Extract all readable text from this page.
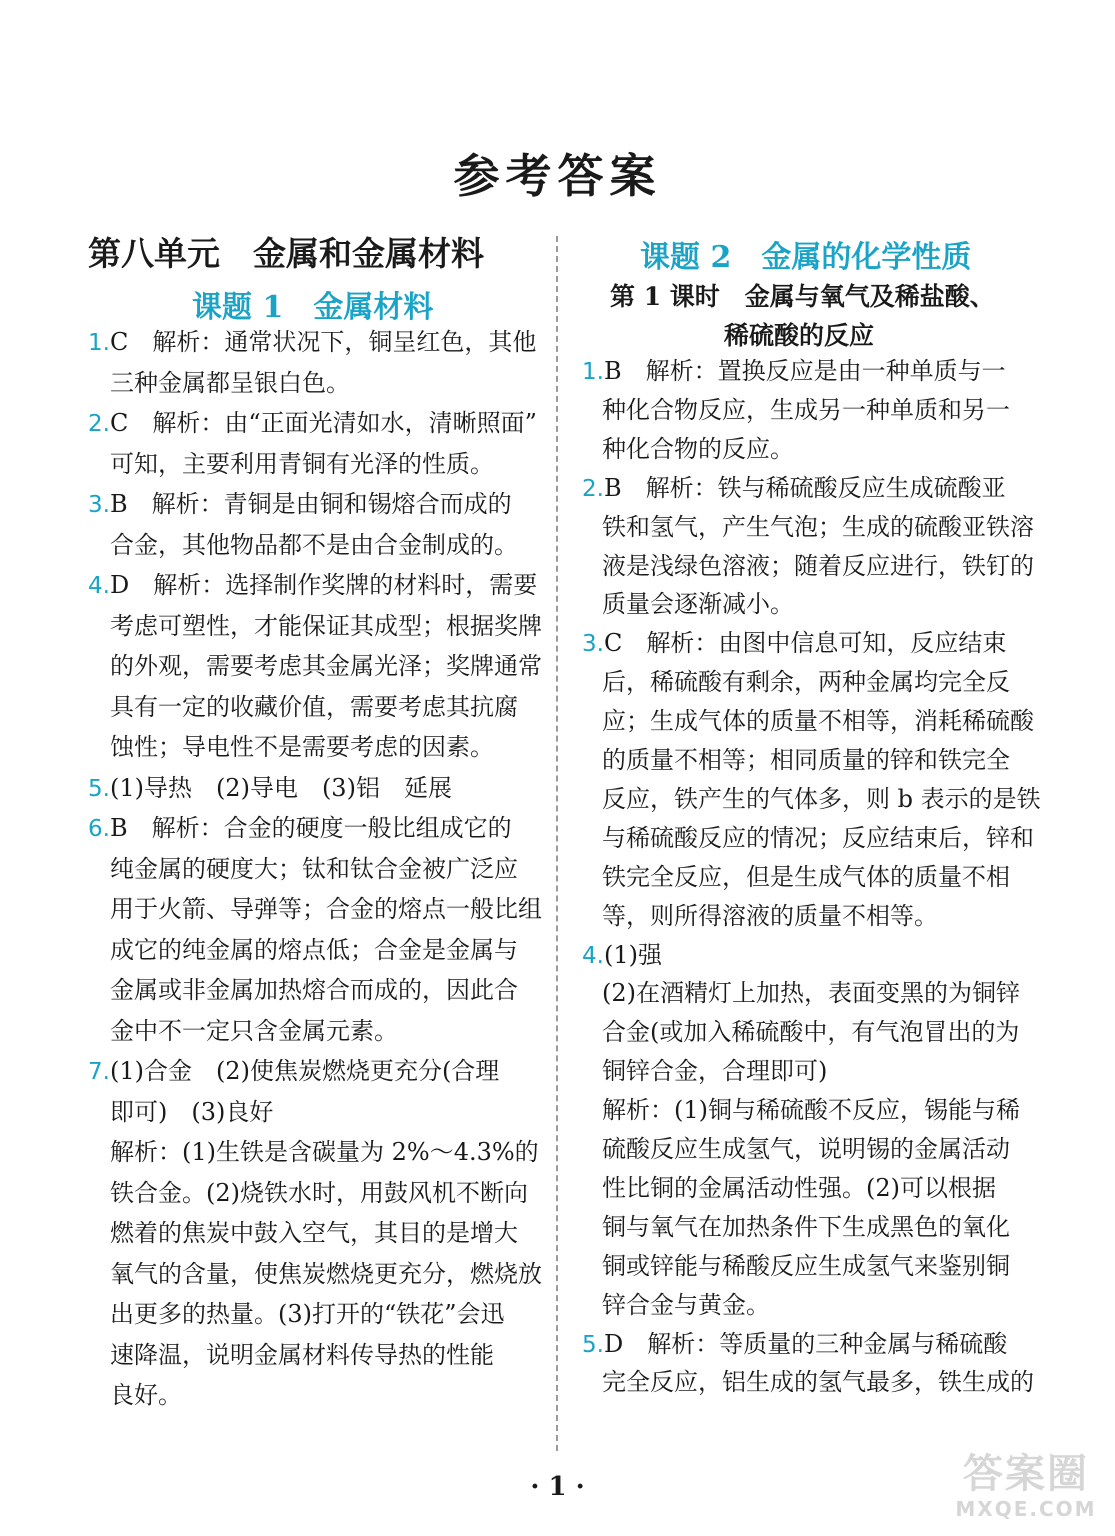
参考答案
第八单元　金属和金属材料
课题 1　金属材料
课题 2　金属的化学性质
第 1 课时　金属与氧气及稀盐酸、
稀硫酸的反应
1.C　解析：通常状况下，铜呈红色，其他
三种金属都呈银白色。
2.C　解析：由“正面光清如水，清晰照面”
可知，主要利用青铜有光泽的性质。
3.B　解析：青铜是由铜和锡熔合而成的
合金，其他物品都不是由合金制成的。
4.D　解析：选择制作奖牌的材料时，需要
考虑可塑性，才能保证其成型；根据奖牌
的外观，需要考虑其金属光泽；奖牌通常
具有一定的收藏价值，需要考虑其抗腐
蚀性；导电性不是需要考虑的因素。
5.(1)导热　(2)导电　(3)铝　延展
6.B　解析：合金的硬度一般比组成它的
纯金属的硬度大；钛和钛合金被广泛应
用于火箭、导弹等；合金的熔点一般比组
成它的纯金属的熔点低；合金是金属与
金属或非金属加热熔合而成的，因此合
金中不一定只含金属元素。
7.(1)合金　(2)使焦炭燃烧更充分(合理
即可)　(3)良好
解析：(1)生铁是含碳量为 2%～4.3%的
铁合金。(2)烧铁水时，用鼓风机不断向
燃着的焦炭中鼓入空气，其目的是增大
氧气的含量，使焦炭燃烧更充分，燃烧放
出更多的热量。(3)打开的“铁花”会迅
速降温，说明金属材料传导热的性能
良好。
1.B　解析：置换反应是由一种单质与一
种化合物反应，生成另一种单质和另一
种化合物的反应。
2.B　解析：铁与稀硫酸反应生成硫酸亚
铁和氢气，产生气泡；生成的硫酸亚铁溶
液是浅绿色溶液；随着反应进行，铁钉的
质量会逐渐减小。
3.C　解析：由图中信息可知，反应结束
后，稀硫酸有剩余，两种金属均完全反
应；生成气体的质量不相等，消耗稀硫酸
的质量不相等；相同质量的锌和铁完全
反应，铁产生的气体多，则 b 表示的是铁
与稀硫酸反应的情况；反应结束后，锌和
铁完全反应，但是生成气体的质量不相
等，则所得溶液的质量不相等。
4.(1)强
(2)在酒精灯上加热，表面变黑的为铜锌
合金(或加入稀硫酸中，有气泡冒出的为
铜锌合金，合理即可)
解析：(1)铜与稀硫酸不反应，锡能与稀
硫酸反应生成氢气，说明锡的金属活动
性比铜的金属活动性强。(2)可以根据
铜与氧气在加热条件下生成黑色的氧化
铜或锌能与稀酸反应生成氢气来鉴别铜
锌合金与黄金。
5.D　解析：等质量的三种金属与稀硫酸
完全反应，铝生成的氢气最多，铁生成的
· 1 ·	答案圈
MXQE.COM
